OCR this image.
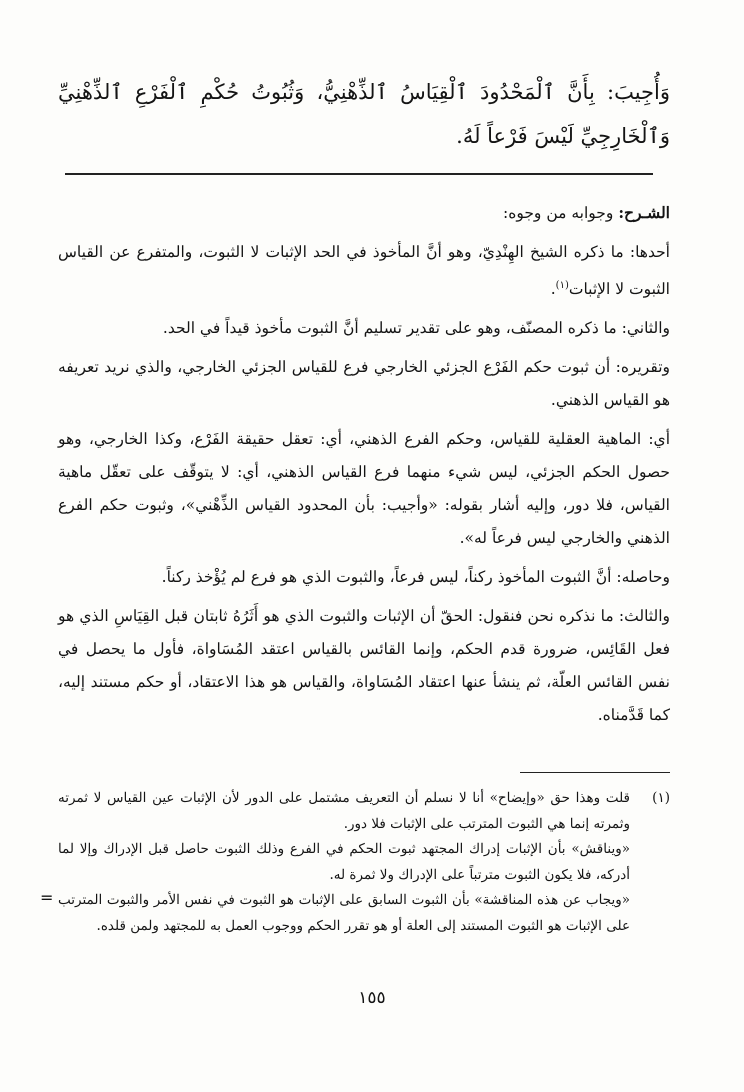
وَأُجِيبَ: بِأَنَّ ٱلْمَحْدُودَ ٱلْقِيَاسُ ٱلذِّهْنِيُّ، وَثُبُوتُ حُكْمِ ٱلْفَرْعِ ٱلذِّهْنِيِّ وَٱلْخَارِجِيِّ لَيْسَ فَرْعاً لَهُ.

الشـرح: وجوابه من وجوه:

أحدها: ما ذكره الشيخ الهِنْدِيّ، وهو أنَّ المأخوذ في الحد الإثبات لا الثبوت، والمتفرع عن القياس الثبوت لا الإثبات$^{(١)}$.

والثاني: ما ذكره المصنّف، وهو على تقدير تسليم أنَّ الثبوت مأخوذ قيداً في الحد.

وتقريره: أن ثبوت حكم الفَرْع الجزئي الخارجي فرع للقياس الجزئي الخارجي، والذي نريد تعريفه هو القياس الذهني.

أي: الماهية العقلية للقياس، وحكم الفرع الذهني، أي: تعقل حقيقة الفَرْع، وكذا الخارجي، وهو حصول الحكم الجزئي، ليس شيء منهما فرع القياس الذهني، أي: لا يتوقّف على تعقّل ماهية القياس، فلا دور، وإليه أشار بقوله: «وأجيب: بأن المحدود القياس الذِّهْني»، وثبوت حكم الفرع الذهني والخارجي ليس فرعاً له».

وحاصله: أنَّ الثبوت المأخوذ ركناً، ليس فرعاً، والثبوت الذي هو فرع لم يُؤْخذ ركناً.

والثالث: ما نذكره نحن فنقول: الحقّ أن الإثبات والثبوت الذي هو أَثَرُهُ ثابتان قبل القِيَاسِ الذي هو فعل القَائِس، ضرورة قدم الحكم، وإنما القائس بالقياس اعتقد المُسَاواة، فأول ما يحصل في نفس القائس العلّة، ثم ينشأ عنها اعتقاد المُسَاواة، والقياس هو هذا الاعتقاد، أو حكم مستند إليه، كما قَدَّمناه.

(١)

قلت وهذا حق «وإيضاح» أنا لا نسلم أن التعريف مشتمل على الدور لأن الإثبات عين القياس لا ثمرته وثمرته إنما هي الثبوت المترتب على الإثبات فلا دور.

«ويناقش» بأن الإثبات إدراك المجتهد ثبوت الحكم في الفرع وذلك الثبوت حاصل قبل الإدراك وإلا لما أدركه، فلا يكون الثبوت مترتباً على الإدراك ولا ثمرة له.

«ويجاب عن هذه المناقشة» بأن الثبوت السابق على الإثبات هو الثبوت في نفس الأمر والثبوت المترتب على الإثبات هو الثبوت المستند إلى العلة أو هو تقرر الحكم ووجوب العمل به للمجتهد ولمن قلده.

=
١٥٥
